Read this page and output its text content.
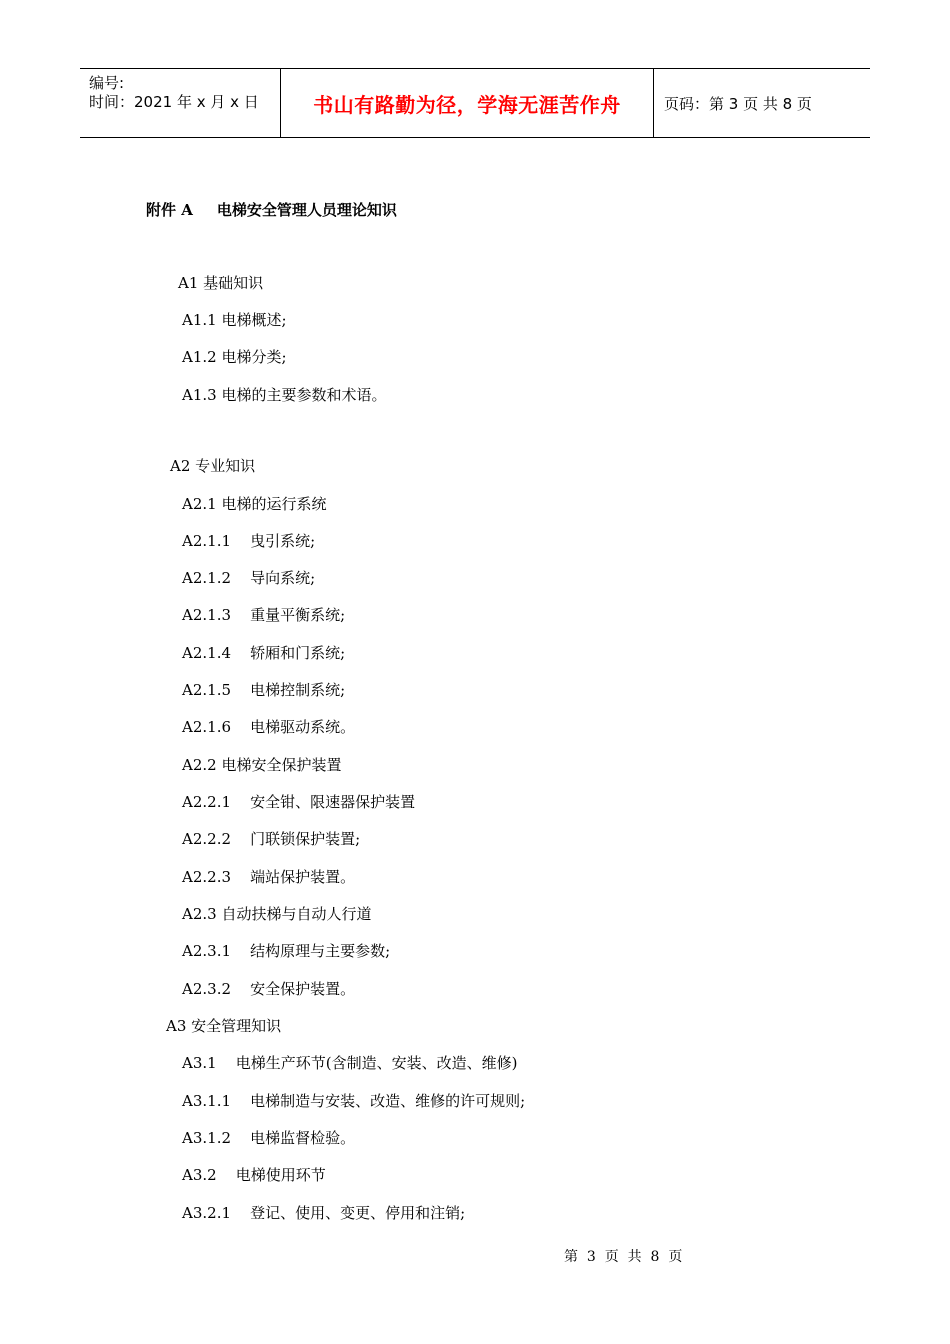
编号:
时间：2021 年 x 月 x 日	书山有路勤为径，学海无涯苦作舟	页码：第 3 页 共 8 页
附件 A 电梯安全管理人员理论知识
A1 基础知识
A1.1 电梯概述;
A1.2 电梯分类;
A1.3 电梯的主要参数和术语。
A2 专业知识
A2.1 电梯的运行系统
A2.1.1    曳引系统;
A2.1.2    导向系统;
A2.1.3    重量平衡系统;
A2.1.4    轿厢和门系统;
A2.1.5    电梯控制系统;
A2.1.6    电梯驱动系统。
A2.2 电梯安全保护装置
A2.2.1    安全钳、限速器保护装置
A2.2.2    门联锁保护装置;
A2.2.3    端站保护装置。
A2.3 自动扶梯与自动人行道
A2.3.1    结构原理与主要参数;
A2.3.2    安全保护装置。
A3 安全管理知识
A3.1    电梯生产环节(含制造、安装、改造、维修)
A3.1.1    电梯制造与安装、改造、维修的许可规则;
A3.1.2    电梯监督检验。
A3.2    电梯使用环节
A3.2.1    登记、使用、变更、停用和注销;
第  3  页  共  8  页
